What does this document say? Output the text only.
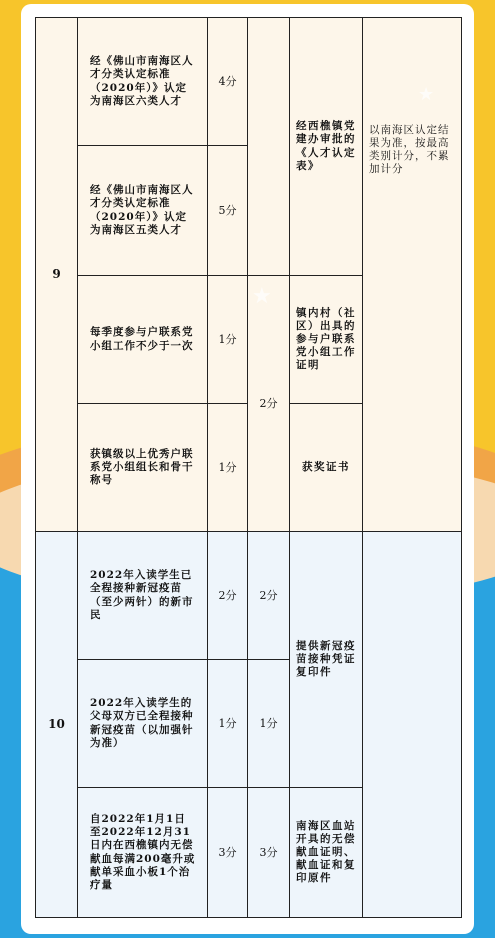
9	经《佛山市南海区人才分类认定标准（2020年）》认定为南海区六类人才	4分		经西樵镇党建办审批的《人才认定表》	以南海区认定结果为准，按最高类别计分，不累加计分
	经《佛山市南海区人才分类认定标准（2020年）》认定为南海区五类人才	5分			
	每季度参与户联系党小组工作不少于一次	1分	2分	镇内村（社区）出具的参与户联系党小组工作证明	
	获镇级以上优秀户联系党小组组长和骨干称号	1分		获奖证书	
10	2022年入读学生已全程接种新冠疫苗（至少两针）的新市民	2分	2分	提供新冠疫苗接种凭证复印件	
	2022年入读学生的父母双方已全程接种新冠疫苗（以加强针为准）	1分	1分		
	自2022年1月1日至2022年12月31日内在西樵镇内无偿献血每满200毫升或献单采血小板1个治疗量	3分	3分	南海区血站开具的无偿献血证明、献血证和复印原件	
★
★
